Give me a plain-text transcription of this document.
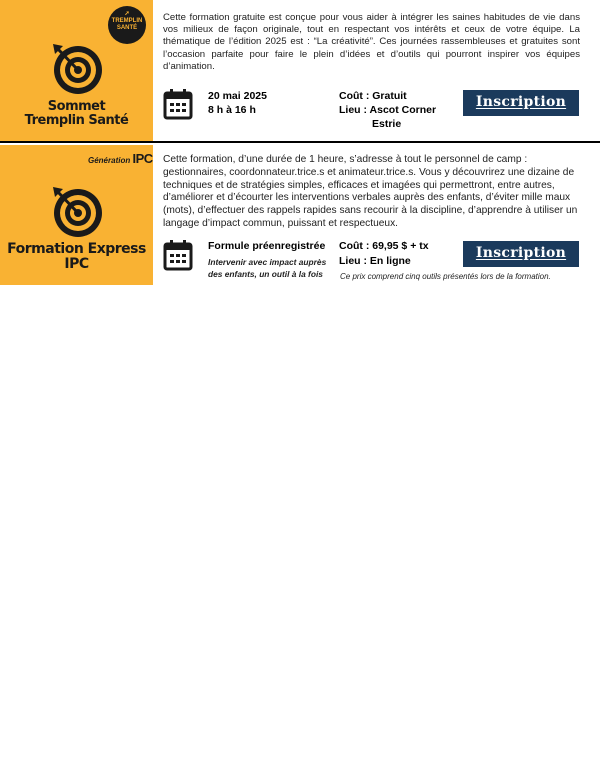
➚
TREMPLIN
SANTÉ
Sommet
Tremplin Santé
Cette formation gratuite est conçue pour vous aider à intégrer les saines habitudes de vie dans vos milieux de façon originale, tout en respectant vos intérêts et ceux de votre équipe. La thématique de l’édition 2025 est : “La créativité”. Ces journées rassembleuses et gratuites sont l’occasion parfaite pour faire le plein d’idées et d’outils qui pourront inspirer vos équipes d’animation.
20 mai 2025
8 h à 16 h
Coût : Gratuit
Lieu : Ascot Corner
Estrie
Inscription
Génération IPC
Formation Express
IPC
Cette formation, d’une durée de 1 heure, s’adresse à tout le personnel de camp : gestionnaires, coordonnateur.trice.s et animateur.trice.s. Vous y découvrirez une dizaine de techniques et de stratégies simples, efficaces et imagées qui permettront, entre autres, d’améliorer et d’écourter les interventions verbales auprès des enfants, d’éviter mille maux (mots), d’effectuer des rappels rapides sans recourir à la discipline, d’apprendre à utiliser un langage d’impact commun, puissant et respectueux.
Formule préenregistrée
Intervenir avec impact auprès
des enfants, un outil à la fois
Coût : 69,95 $ + tx
Lieu : En ligne
Ce prix comprend cinq outils présentés lors de la formation.
Inscription
